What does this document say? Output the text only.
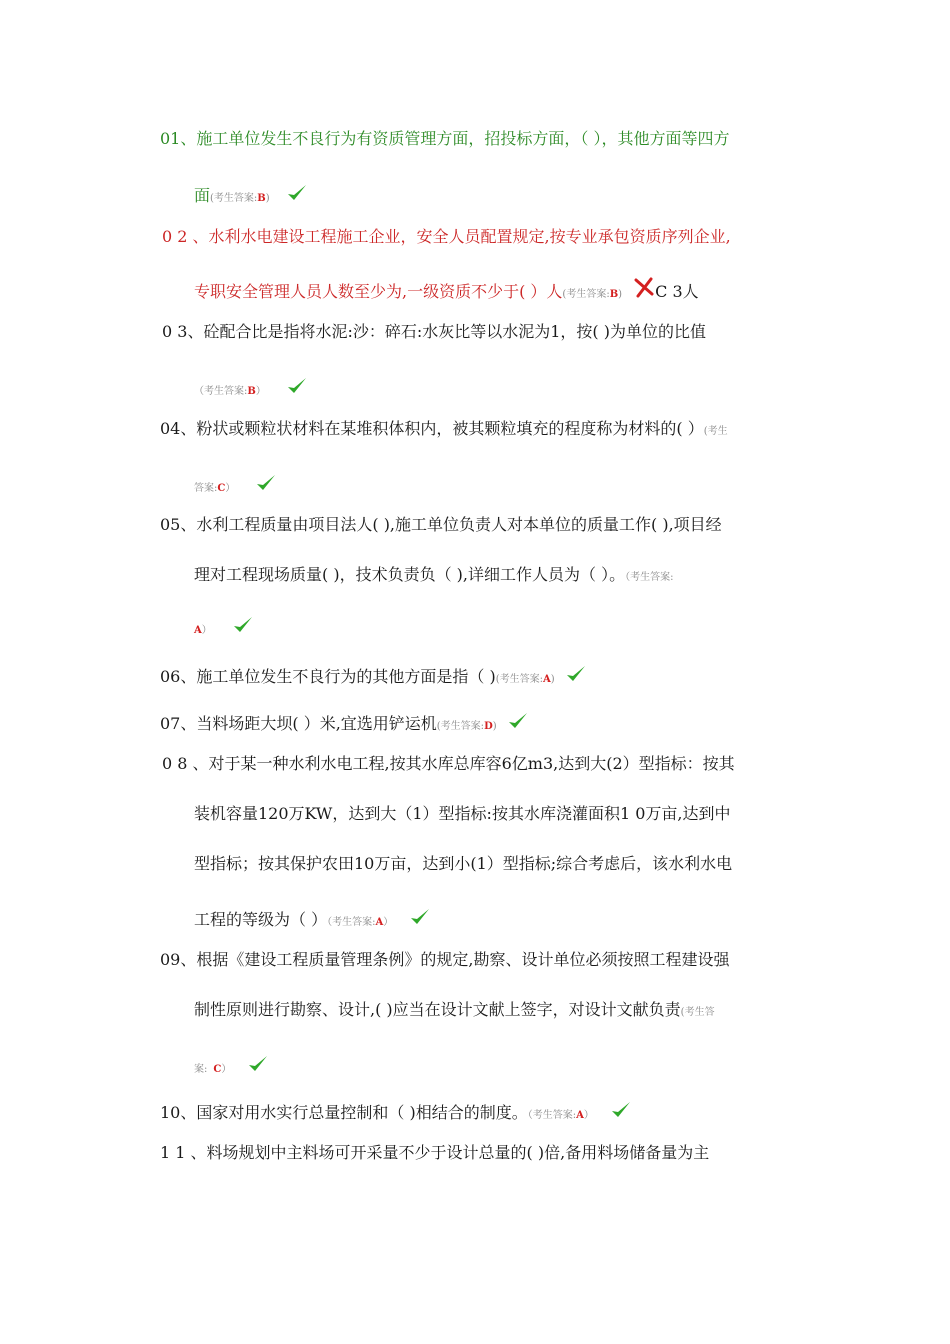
01、施工单位发生不良行为有资质管理方面，招投标方面，（ ），其他方面等四方
面(考生答案:B)
0 2 、水利水电建设工程施工企业，安全人员配置规定,按专业承包资质序列企业,
专职安全管理人员人数至少为,一级资质不少于( ）人(考生答案:B) C 3人
0 3、砼配合比是指将水泥:沙：碎石:水灰比等以水泥为1，按( )为单位的比值
（考生答案:B）
04、粉状或颗粒状材料在某堆积体积内，被其颗粒填充的程度称为材料的( ）(考生
答案:C）
05、水利工程质量由项目法人( ),施工单位负责人对本单位的质量工作( ),项目经
理对工程现场质量( )，技术负责负（ ),详细工作人员为（ ）。（考生答案:
A）
06、施工单位发生不良行为的其他方面是指（ )(考生答案:A)
07、当料场距大坝( ）米,宜选用铲运机(考生答案:D)
0 8 、对于某一种水利水电工程,按其水库总库容6亿m3,达到大(2）型指标：按其
装机容量120万KW，达到大（1）型指标:按其水库浇灌面积1 0万亩,达到中
型指标；按其保护农田10万亩，达到小(1）型指标;综合考虑后，该水利水电
工程的等级为（ ）（考生答案:A）
09、根据《建设工程质量管理条例》的规定,勘察、设计单位必须按照工程建设强
制性原则进行勘察、设计,( )应当在设计文献上签字，对设计文献负责(考生答
案: C）
10、国家对用水实行总量控制和（ )相结合的制度。（考生答案:A）
1 1 、料场规划中主料场可开采量不少于设计总量的( )倍,备用料场储备量为主
